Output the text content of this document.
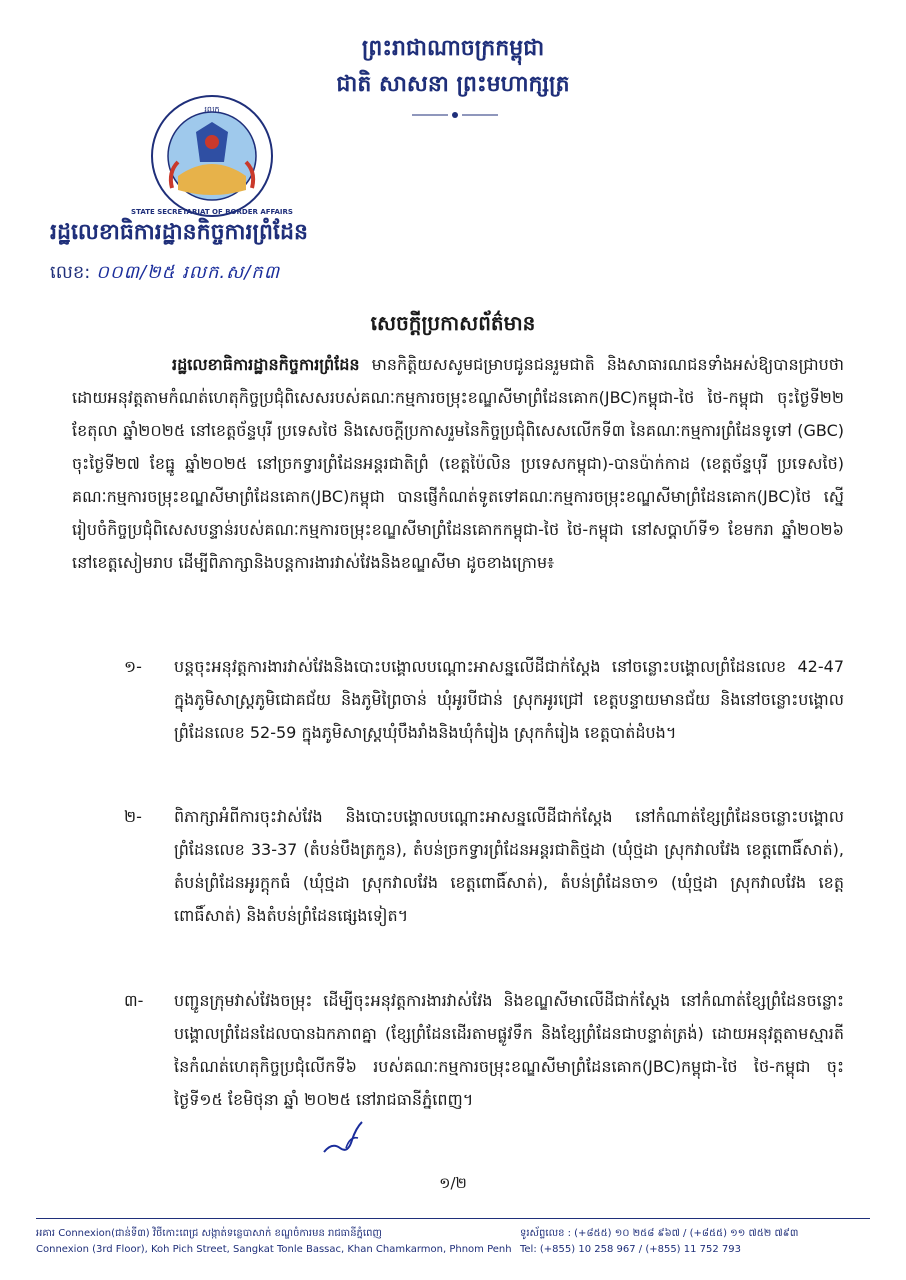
ព្រះរាជាណាចក្រកម្ពុជា
ជាតិ សាសនា ព្រះមហាក្សត្រ
STATE SECRETARIAT OF BORDER AFFAIRS
រលក
រដ្ឋលេខាធិការដ្ឋានកិច្ចការព្រំដែន
លេខ: ០០៣/២៥ រលក.ស/ក៣
សេចក្តីប្រកាសព័ត៌មាន
រដ្ឋលេខាធិការដ្ឋានកិច្ចការព្រំដែន មានកិត្តិយសសូមជម្រាបជូនជនរួមជាតិ និងសាធារណជនទាំងអស់ឱ្យបានជ្រាបថា ដោយអនុវត្តតាមកំណត់ហេតុកិច្ចប្រជុំពិសេសរបស់គណៈកម្មការចម្រុះខណ្ឌសីមាព្រំដែនគោក(JBC)កម្ពុជា-ថៃ ថៃ-កម្ពុជា ចុះថ្ងៃទី២២ ខែតុលា ឆ្នាំ២០២៥ នៅខេត្តច័ន្ទបុរី ប្រទេសថៃ និងសេចក្តីប្រកាសរួមនៃកិច្ចប្រជុំពិសេសលើកទី៣ នៃគណៈកម្មការព្រំដែនទូទៅ (GBC) ចុះថ្ងៃទី២៧ ខែធ្នូ ឆ្នាំ២០២៥ នៅច្រកទ្វារព្រំដែនអន្តរជាតិព្រំ (ខេត្តប៉ៃលិន ប្រទេសកម្ពុជា)-បានប៉ាក់កាដ (ខេត្តច័ន្ទបុរី ប្រទេសថៃ) គណៈកម្មការចម្រុះខណ្ឌសីមាព្រំដែនគោក(JBC)កម្ពុជា បានផ្ញើកំណត់ទូតទៅគណៈកម្មការចម្រុះខណ្ឌសីមាព្រំដែនគោក(JBC)ថៃ ស្នើរៀបចំកិច្ចប្រជុំពិសេសបន្ទាន់របស់គណៈកម្មការចម្រុះខណ្ឌសីមាព្រំដែនគោកកម្ពុជា-ថៃ ថៃ-កម្ពុជា នៅសប្តាហ៍ទី១ ខែមករា ឆ្នាំ២០២៦ នៅខេត្តសៀមរាប ដើម្បីពិភាក្សានិងបន្តការងារវាស់វែងនិងខណ្ឌសីមា ដូចខាងក្រោម៖
១-	បន្តចុះអនុវត្តការងារវាស់វែងនិងបោះបង្គោលបណ្តោះអាសន្នលើដីជាក់ស្តែង នៅចន្លោះបង្គោលព្រំដែនលេខ 42-47 ក្នុងភូមិសាស្ត្រភូមិជោគជ័យ និងភូមិព្រៃចាន់ ឃុំអូរបីជាន់ ស្រុកអូរជ្រៅ ខេត្តបន្ទាយមានជ័យ និងនៅចន្លោះបង្គោលព្រំដែនលេខ 52-59 ក្នុងភូមិសាស្ត្រឃុំបឹងរាំងនិងឃុំកំរៀង ស្រុកកំរៀង ខេត្តបាត់ដំបង។
២-	ពិភាក្សាអំពីការចុះវាស់វែង និងបោះបង្គោលបណ្តោះអាសន្នលើដីជាក់ស្តែង នៅកំណាត់ខ្សែព្រំដែនចន្លោះបង្គោលព្រំដែនលេខ 33-37 (តំបន់បឹងត្រកួន), តំបន់ច្រកទ្វារព្រំដែនអន្តរជាតិថ្មដា (ឃុំថ្មដា ស្រុកវាលវែង ខេត្តពោធិ៍សាត់), តំបន់ព្រំដែនអូរក្តុកធំ (ឃុំថ្មដា ស្រុកវាលវែង ខេត្តពោធិ៍សាត់), តំបន់ព្រំដែនចា១ (ឃុំថ្មដា ស្រុកវាលវែង ខេត្តពោធិ៍សាត់) និងតំបន់ព្រំដែនផ្សេងទៀត។
៣-	បញ្ជូនក្រុមវាស់វែងចម្រុះ ដើម្បីចុះអនុវត្តការងារវាស់វែង និងខណ្ឌសីមាលើដីជាក់ស្តែង នៅកំណាត់ខ្សែព្រំដែនចន្លោះបង្គោលព្រំដែនដែលបានឯកភាពគ្នា (ខ្សែព្រំដែនដើរតាមផ្លូវទឹក និងខ្សែព្រំដែនជាបន្ទាត់ត្រង់) ដោយអនុវត្តតាមស្មារតីនៃកំណត់ហេតុកិច្ចប្រជុំលើកទី៦ របស់គណៈកម្មការចម្រុះខណ្ឌសីមាព្រំដែនគោក(JBC)កម្ពុជា-ថៃ ថៃ-កម្ពុជា ចុះថ្ងៃទី១៥ ខែមិថុនា ឆ្នាំ ២០២៥ នៅរាជធានីភ្នំពេញ។
១/២
អគារ Connexion(ជាន់ទី៣) វិថីកោះពេជ្រ សង្កាត់ទន្លេបាសាក់ ខណ្ឌចំការមន រាជធានីភ្នំពេញ
Connexion (3rd Floor), Koh Pich Street, Sangkat Tonle Bassac, Khan Chamkarmon, Phnom Penh
ទូរស័ព្ទលេខ : (+៨៥៥) ១០ ២៥៨ ៩៦៧ / (+៨៥៥) ១១ ៧៥២ ៧៩៣
Tel: (+855) 10 258 967 / (+855) 11 752 793
